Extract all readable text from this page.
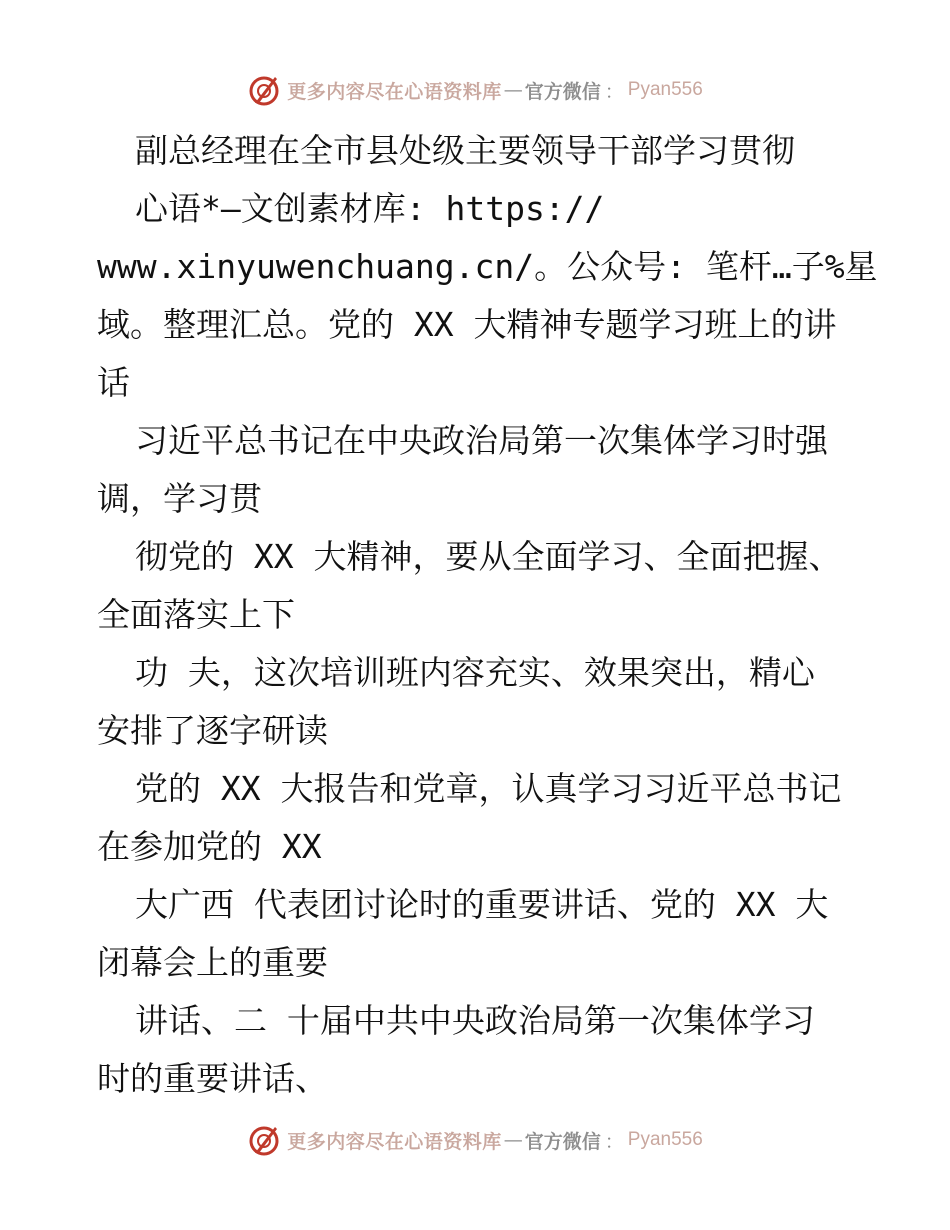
更多内容尽在心语资料库 — 官方微信 ： Pyan556
副总经理在全市县处级主要领导干部学习贯彻
心语*—文创素材库: https://
www.xinyuwenchuang.cn/。公众号: 笔杆…子%星
域。整理汇总。党的 XX 大精神专题学习班上的讲
话
习近平总书记在中央政治局第一次集体学习时强
调，学习贯
彻党的 XX 大精神，要从全面学习、全面把握、
全面落实上下
功 夫，这次培训班内容充实、效果突出，精心
安排了逐字研读
党的 XX 大报告和党章，认真学习习近平总书记
在参加党的 XX
大广西 代表团讨论时的重要讲话、党的 XX 大
闭幕会上的重要
讲话、二 十届中共中央政治局第一次集体学习
时的重要讲话、
更多内容尽在心语资料库 — 官方微信 ： Pyan556
